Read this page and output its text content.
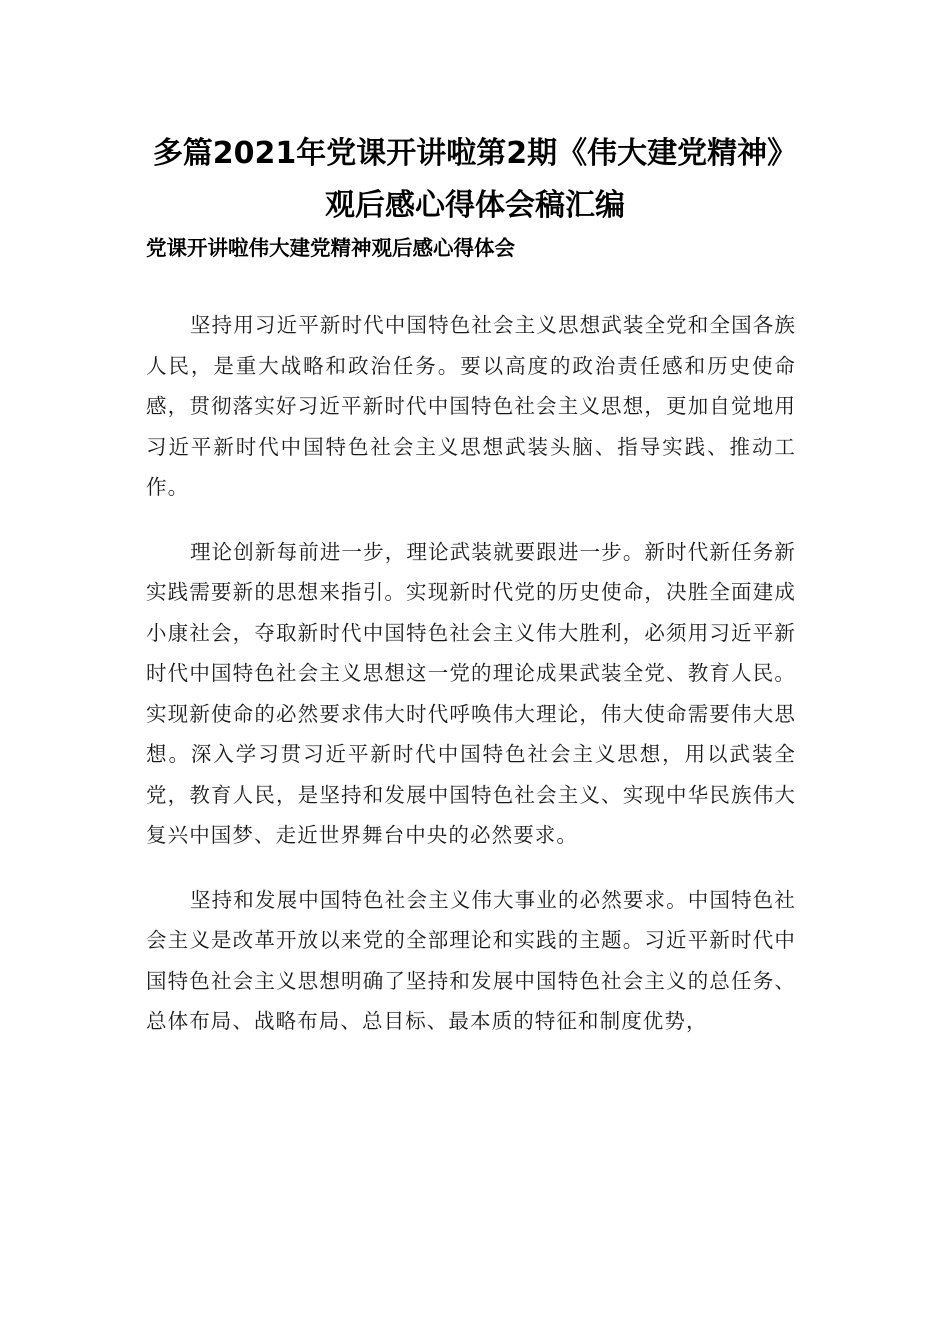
多篇2021年党课开讲啦第2期《伟大建党精神》观后感心得体会稿汇编
党课开讲啦伟大建党精神观后感心得体会

坚持用习近平新时代中国特色社会主义思想武装全党和全国各族人民，是重大战略和政治任务。要以高度的政治责任感和历史使命感，贯彻落实好习近平新时代中国特色社会主义思想，更加自觉地用习近平新时代中国特色社会主义思想武装头脑、指导实践、推动工作。

理论创新每前进一步，理论武装就要跟进一步。新时代新任务新实践需要新的思想来指引。实现新时代党的历史使命，决胜全面建成小康社会，夺取新时代中国特色社会主义伟大胜利，必须用习近平新时代中国特色社会主义思想这一党的理论成果武装全党、教育人民。实现新使命的必然要求伟大时代呼唤伟大理论，伟大使命需要伟大思想。深入学习贯习近平新时代中国特色社会主义思想，用以武装全党，教育人民，是坚持和发展中国特色社会主义、实现中华民族伟大复兴中国梦、走近世界舞台中央的必然要求。

坚持和发展中国特色社会主义伟大事业的必然要求。中国特色社会主义是改革开放以来党的全部理论和实践的主题。习近平新时代中国特色社会主义思想明确了坚持和发展中国特色社会主义的总任务、总体布局、战略布局、总目标、最本质的特征和制度优势，
